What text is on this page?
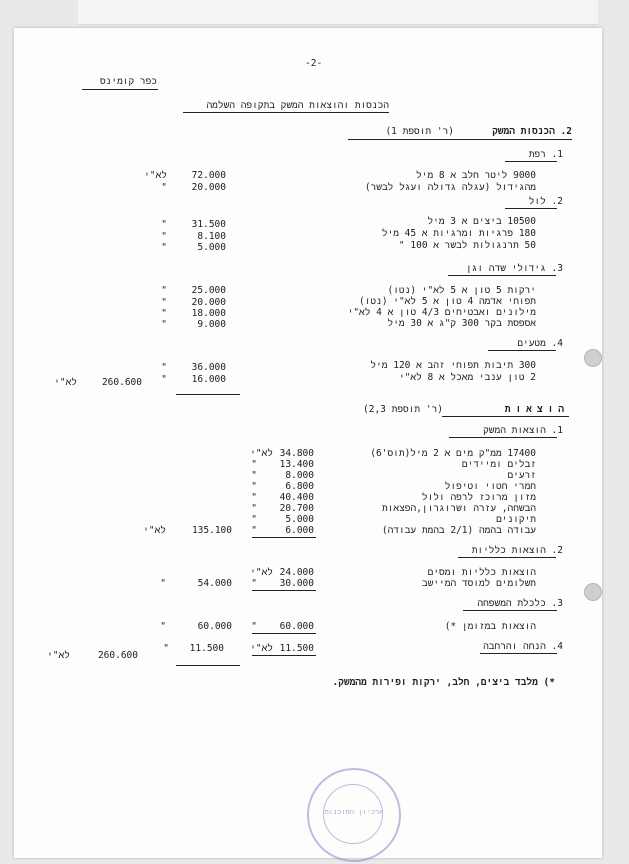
-2-
כפר קומינס
הכנסות והוצאות המשק בתקופה השלמה
2. הכנסות המשק
(ר' תוספת 1)
1. רפת
9000 ליטר חלב א 8 מיל
72.000
לא"י
מהגידול (עגלה גדולה ועגל לבשר)
20.000
"
2. לול
10500 ביצים א 3 מיל
31.500
"
180 פרגיות ומרגיות א 45 מיל
8.100
"
50 תרנגולות לבשר א 100 "
5.000
"
3. גידולי שדה וגן
ירקות 5 טון א 5 לא"י (נטו)
25.000
"
תפוחי אדמה 4 טון א 5 לא"י (נטו)
20.000
"
מילונים ואבטיחים 4/3 טון א 4 לא"י
18.000
"
אספסת בקר 300 ק"ג א 30 מיל
9.000
"
4. מטעים
300 תיבות תפוחי זהב א 120 מיל
36.000
"
2 טון ענבי מאכל א 8 לא"י
16.000
"
260.600
לא"י
הוצאות
(ר' תוספת 2,3)
1. הוצאות המשק
17400 ממ"ק מים א 2 מיל(תוס'6)
34.800
לא"י
זבלים ומיידים
13.400
"
זרעים
8.000
"
חמרי חטוי וטיפול
6.800
"
מזון מרוכז לרפה ולול
40.400
"
הבשחה, עזרה ושרוגרון,הפצאות
20.700
"
תיקונים
5.000
"
עבודה בהמה (2/1 בהמת עבודה)
6.000
"
135.100
לא"י
2. הוצאות כלליות
הוצאות כלליות ומסים
24.000
לא"י
תשלומים למוסד המיישב
30.000
"
54.000
"
3. כלכלת המשפחה
הוצאות במזומן *)
60.000
"
60.000
"
4. הנחה והרחבה
11.500
לא"י
11.500
"
260.600
לא"י
*) מלבד ביצים, חלב, ירקות ופירות מהמשק.
ארכיון הסוכנות
